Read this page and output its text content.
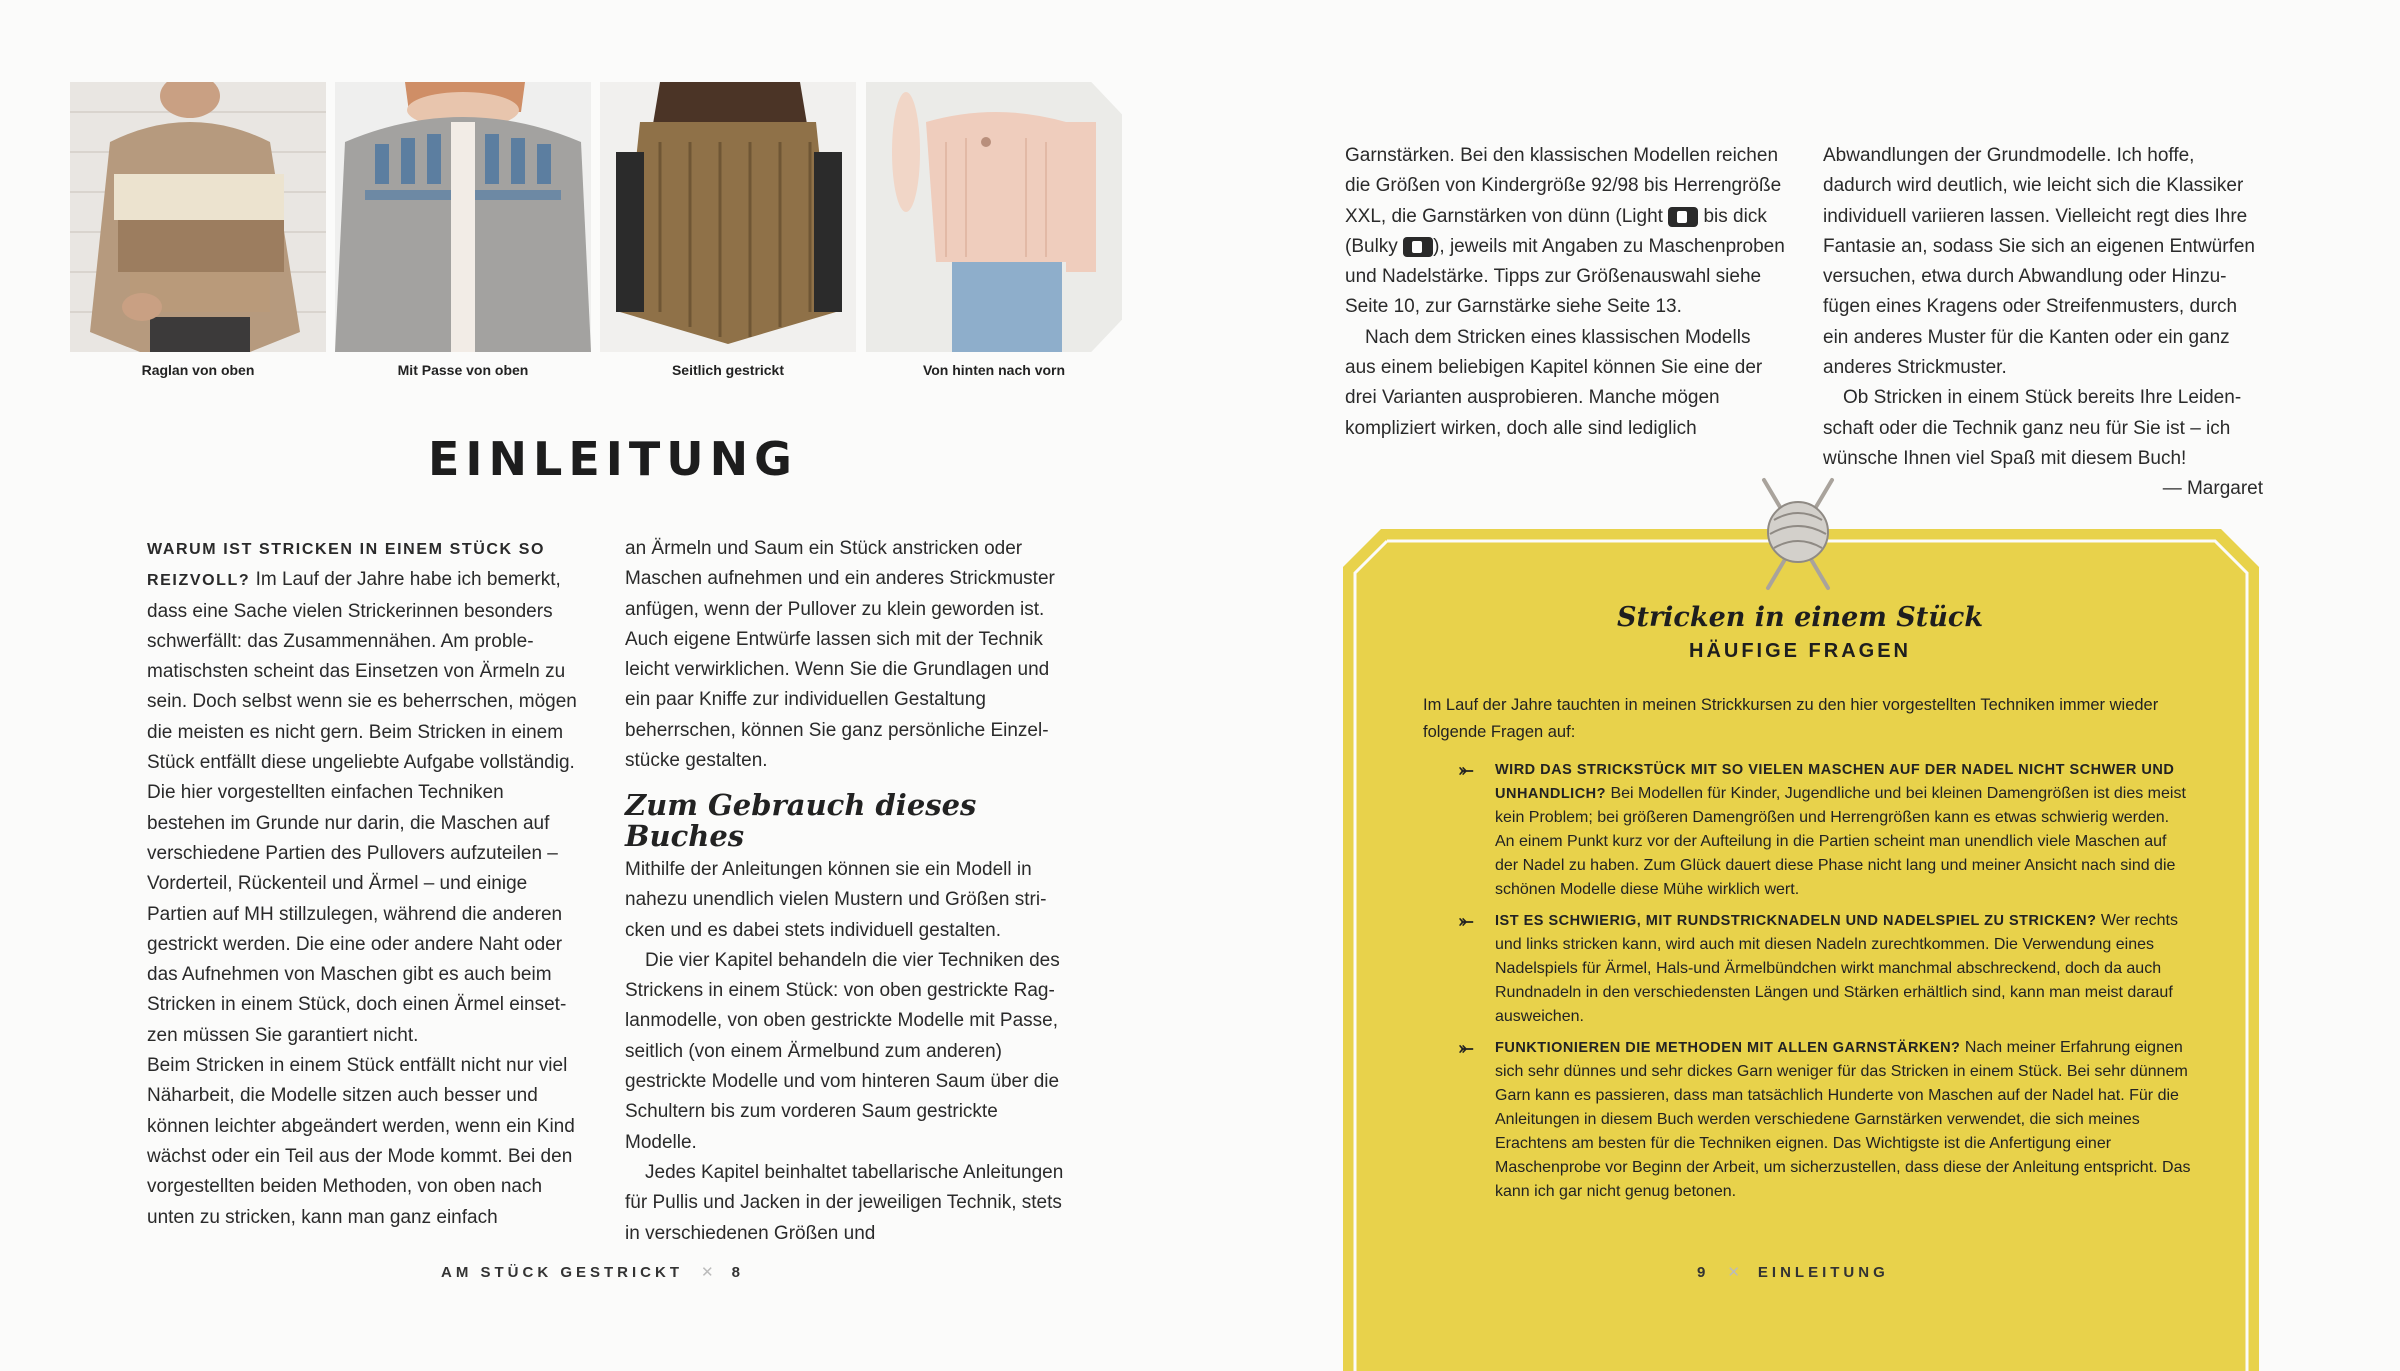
Raglan von oben	Mit Passe von oben	Seitlich gestrickt	Von hinten nach vorn
EINLEITUNG

WARUM IST STRICKEN IN EINEM STÜCK SO REIZVOLL? Im Lauf der Jahre habe ich bemerkt, dass eine Sache vielen Strickerinnen besonders schwerfällt: das Zusammennähen. Am problematischsten scheint das Einsetzen von Ärmeln zu sein. Doch selbst wenn sie es beherrschen, mögen die meisten es nicht gern. Beim Stricken in einem Stück entfällt diese ungeliebte Aufgabe vollständig. Die hier vorgestellten einfachen Techniken bestehen im Grunde nur darin, die Maschen auf verschiedene Partien des Pullovers aufzuteilen – Vorderteil, Rückenteil und Ärmel – und einige Partien auf MH stillzulegen, während die anderen gestrickt werden. Die eine oder andere Naht oder das Aufnehmen von Maschen gibt es auch beim Stricken in einem Stück, doch einen Ärmel einsetzen müssen Sie garantiert nicht.

Beim Stricken in einem Stück entfällt nicht nur viel Näharbeit, die Modelle sitzen auch besser und können leichter abgeändert werden, wenn ein Kind wächst oder ein Teil aus der Mode kommt. Bei den vorgestellten beiden Methoden, von oben nach unten zu stricken, kann man ganz einfach

an Ärmeln und Saum ein Stück anstricken oder Maschen aufnehmen und ein anderes Strickmuster anfügen, wenn der Pullover zu klein geworden ist. Auch eigene Entwürfe lassen sich mit der Technik leicht verwirklichen. Wenn Sie die Grundlagen und ein paar Kniffe zur individuellen Gestaltung beherrschen, können Sie ganz persönliche Einzelstücke gestalten.

Zum Gebrauch dieses Buches

Mithilfe der Anleitungen können sie ein Modell in nahezu unendlich vielen Mustern und Größen stricken und es dabei stets individuell gestalten.

Die vier Kapitel behandeln die vier Techniken des Strickens in einem Stück: von oben gestrickte Raglanmodelle, von oben gestrickte Modelle mit Passe, seitlich (von einem Ärmelbund zum anderen) gestrickte Modelle und vom hinteren Saum über die Schultern bis zum vorderen Saum gestrickte Modelle.

Jedes Kapitel beinhaltet tabellarische Anleitungen für Pullis und Jacken in der jeweiligen Technik, stets in verschiedenen Größen und

AM STÜCK GESTRICKT ✕ 8

Garnstärken. Bei den klassischen Modellen reichen die Größen von Kindergröße 92/98 bis Herrengröße XXL, die Garnstärken von dünn (Light  bis dick (Bulky ), jeweils mit Angaben zu Maschenproben und Nadelstärke. Tipps zur Größenauswahl siehe Seite 10, zur Garnstärke siehe Seite 13.

Nach dem Stricken eines klassischen Modells aus einem beliebigen Kapitel können Sie eine der drei Varianten ausprobieren. Manche mögen kompliziert wirken, doch alle sind lediglich

Abwandlungen der Grundmodelle. Ich hoffe, dadurch wird deutlich, wie leicht sich die Klassiker individuell variieren lassen. Vielleicht regt dies Ihre Fantasie an, sodass Sie sich an eigenen Entwürfen versuchen, etwa durch Abwandlung oder Hinzufügen eines Kragens oder Streifenmusters, durch ein anderes Muster für die Kanten oder ein ganz anderes Strickmuster.

Ob Stricken in einem Stück bereits Ihre Leidenschaft oder die Technik ganz neu für Sie ist – ich wünsche Ihnen viel Spaß mit diesem Buch!

— Margaret

Stricken in einem Stück
HÄUFIGE FRAGEN
Im Lauf der Jahre tauchten in meinen Strickkursen zu den hier vorgestellten Techniken immer wieder folgende Fragen auf:
⤜ WIRD DAS STRICKSTÜCK MIT SO VIELEN MASCHEN AUF DER NADEL NICHT SCHWER UND UNHANDLICH? Bei Modellen für Kinder, Jugendliche und bei kleinen Damengrößen ist dies meist kein Problem; bei größeren Damengrößen und Herrengrößen kann es etwas schwierig werden. An einem Punkt kurz vor der Aufteilung in die Partien scheint man unendlich viele Maschen auf der Nadel zu haben. Zum Glück dauert diese Phase nicht lang und meiner Ansicht nach sind die schönen Modelle diese Mühe wirklich wert.
⤜ IST ES SCHWIERIG, MIT RUNDSTRICKNADELN UND NADELSPIEL ZU STRICKEN? Wer rechts und links stricken kann, wird auch mit diesen Nadeln zurechtkommen. Die Verwendung eines Nadelspiels für Ärmel, Hals-und Ärmelbündchen wirkt manchmal abschreckend, doch da auch Rundnadeln in den verschiedensten Längen und Stärken erhältlich sind, kann man meist darauf ausweichen.
⤜ FUNKTIONIEREN DIE METHODEN MIT ALLEN GARNSTÄRKEN? Nach meiner Erfahrung eignen sich sehr dünnes und sehr dickes Garn weniger für das Stricken in einem Stück. Bei sehr dünnem Garn kann es passieren, dass man tatsächlich Hunderte von Maschen auf der Nadel hat. Für die Anleitungen in diesem Buch werden verschiedene Garnstärken verwendet, die sich meines Erachtens am besten für die Techniken eignen. Das Wichtigste ist die Anfertigung einer Maschenprobe vor Beginn der Arbeit, um sicherzustellen, dass diese der Anleitung entspricht. Das kann ich gar nicht genug betonen.
9 ✕ EINLEITUNG
